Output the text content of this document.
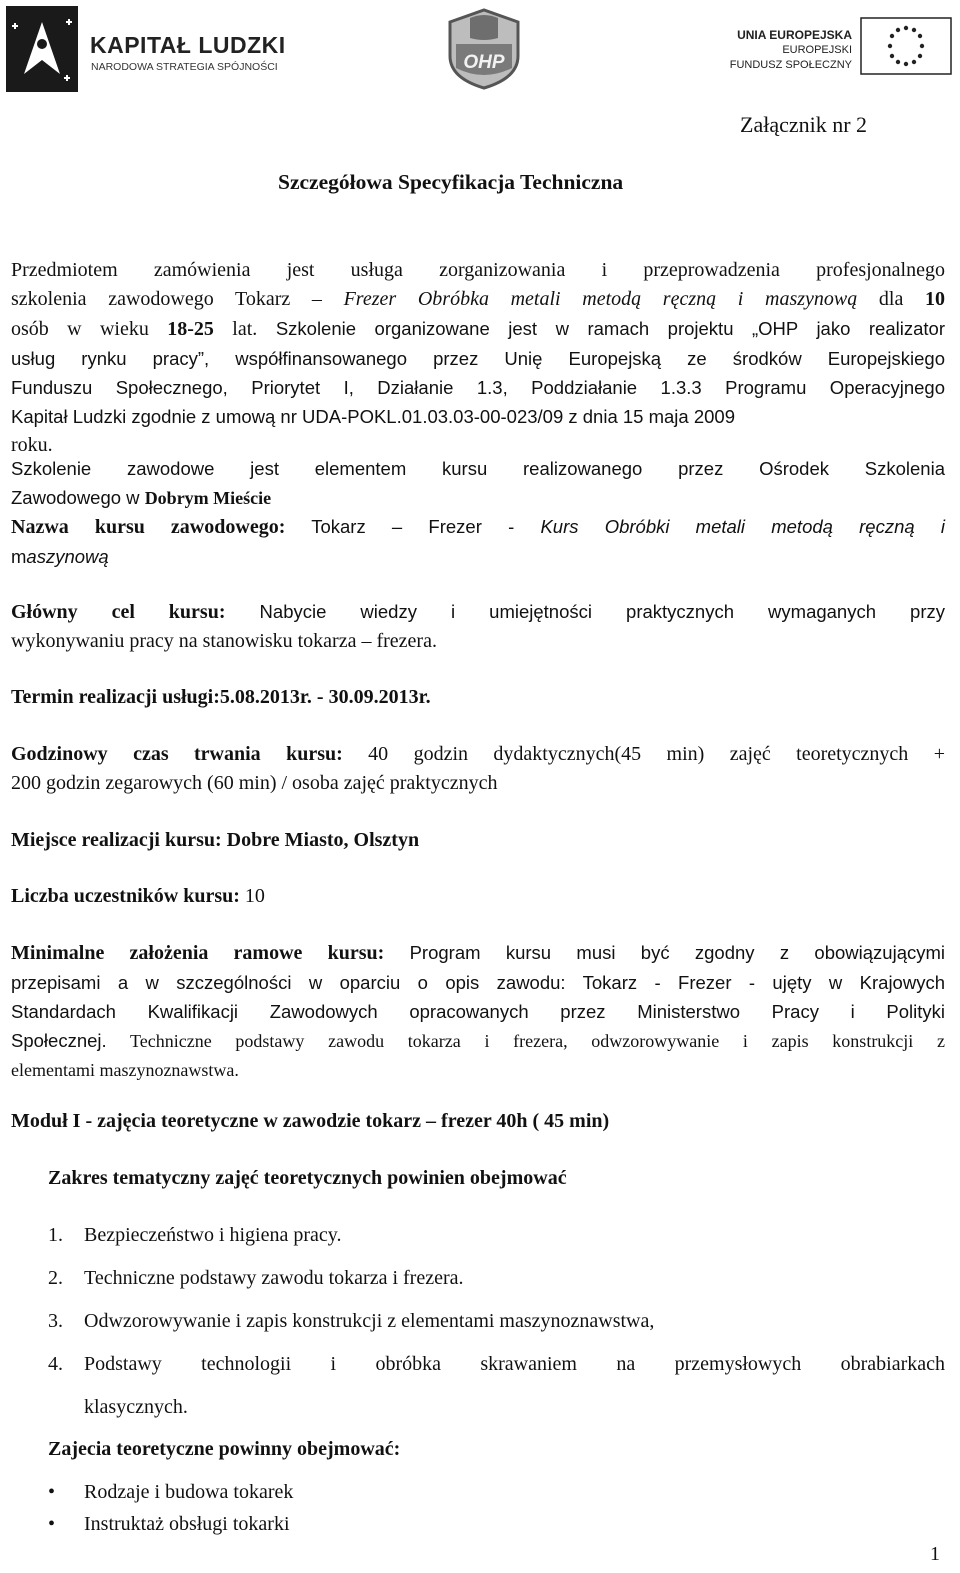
KAPITAŁ LUDZKI
NARODOWA STRATEGIA SPÓJNOŚCI	OHP
UNIA EUROPEJSKA
EUROPEJSKI
FUNDUSZ SPOŁECZNY
Załącznik nr 2
Szczegółowa Specyfikacja Techniczna
Przedmiotem zamówienia jest usługa zorganizowania i przeprowadzenia profesjonalnego
szkolenia zawodowego Tokarz – Frezer Obróbka metali metodą ręczną i maszynową dla 10
osób w wieku 18-25 lat. Szkolenie organizowane jest w ramach projektu „OHP jako realizator
usług rynku pracy”, współfinansowanego przez Unię Europejską ze środków Europejskiego
Funduszu Społecznego, Priorytet I, Działanie 1.3, Poddziałanie 1.3.3 Programu Operacyjnego
Kapitał Ludzki zgodnie z umową nr UDA-POKL.01.03.03-00-023/09 z dnia 15 maja 2009
roku.
Szkolenie zawodowe jest elementem kursu realizowanego przez Ośrodek Szkolenia
Zawodowego w Dobrym Mieście
Nazwa kursu zawodowego: Tokarz – Frezer - Kurs Obróbki metali metodą ręczną i
maszynową
Główny cel kursu: Nabycie wiedzy i umiejętności praktycznych wymaganych przy
wykonywaniu pracy na stanowisku tokarza – frezera.
Termin realizacji usługi:5.08.2013r. - 30.09.2013r.
Godzinowy czas trwania kursu: 40 godzin dydaktycznych(45 min) zajęć teoretycznych +
200 godzin zegarowych (60 min) / osoba zajęć praktycznych
Miejsce realizacji kursu: Dobre Miasto, Olsztyn
Liczba uczestników kursu: 10
Minimalne założenia ramowe kursu: Program kursu musi być zgodny z obowiązującymi
przepisami a w szczególności w oparciu o opis zawodu: Tokarz - Frezer - ujęty w Krajowych
Standardach Kwalifikacji Zawodowych opracowanych przez Ministerstwo Pracy i Polityki
Społecznej. Techniczne podstawy zawodu tokarza i frezera, odwzorowywanie i zapis konstrukcji z
elementami maszynoznawstwa.
Moduł I - zajęcia teoretyczne w zawodzie tokarz – frezer 40h ( 45 min)
Zakres tematyczny zajęć teoretycznych powinien obejmować
1. Bezpieczeństwo i higiena pracy.
2. Techniczne podstawy zawodu tokarza i frezera.
3. Odwzorowywanie i zapis konstrukcji z elementami maszynoznawstwa,
4. Podstawy technologii i obróbka skrawaniem na przemysłowych obrabiarkach
klasycznych.
Zajecia teoretyczne powinny obejmować:
• Rodzaje i budowa tokarek
• Instruktaż obsługi tokarki
1
